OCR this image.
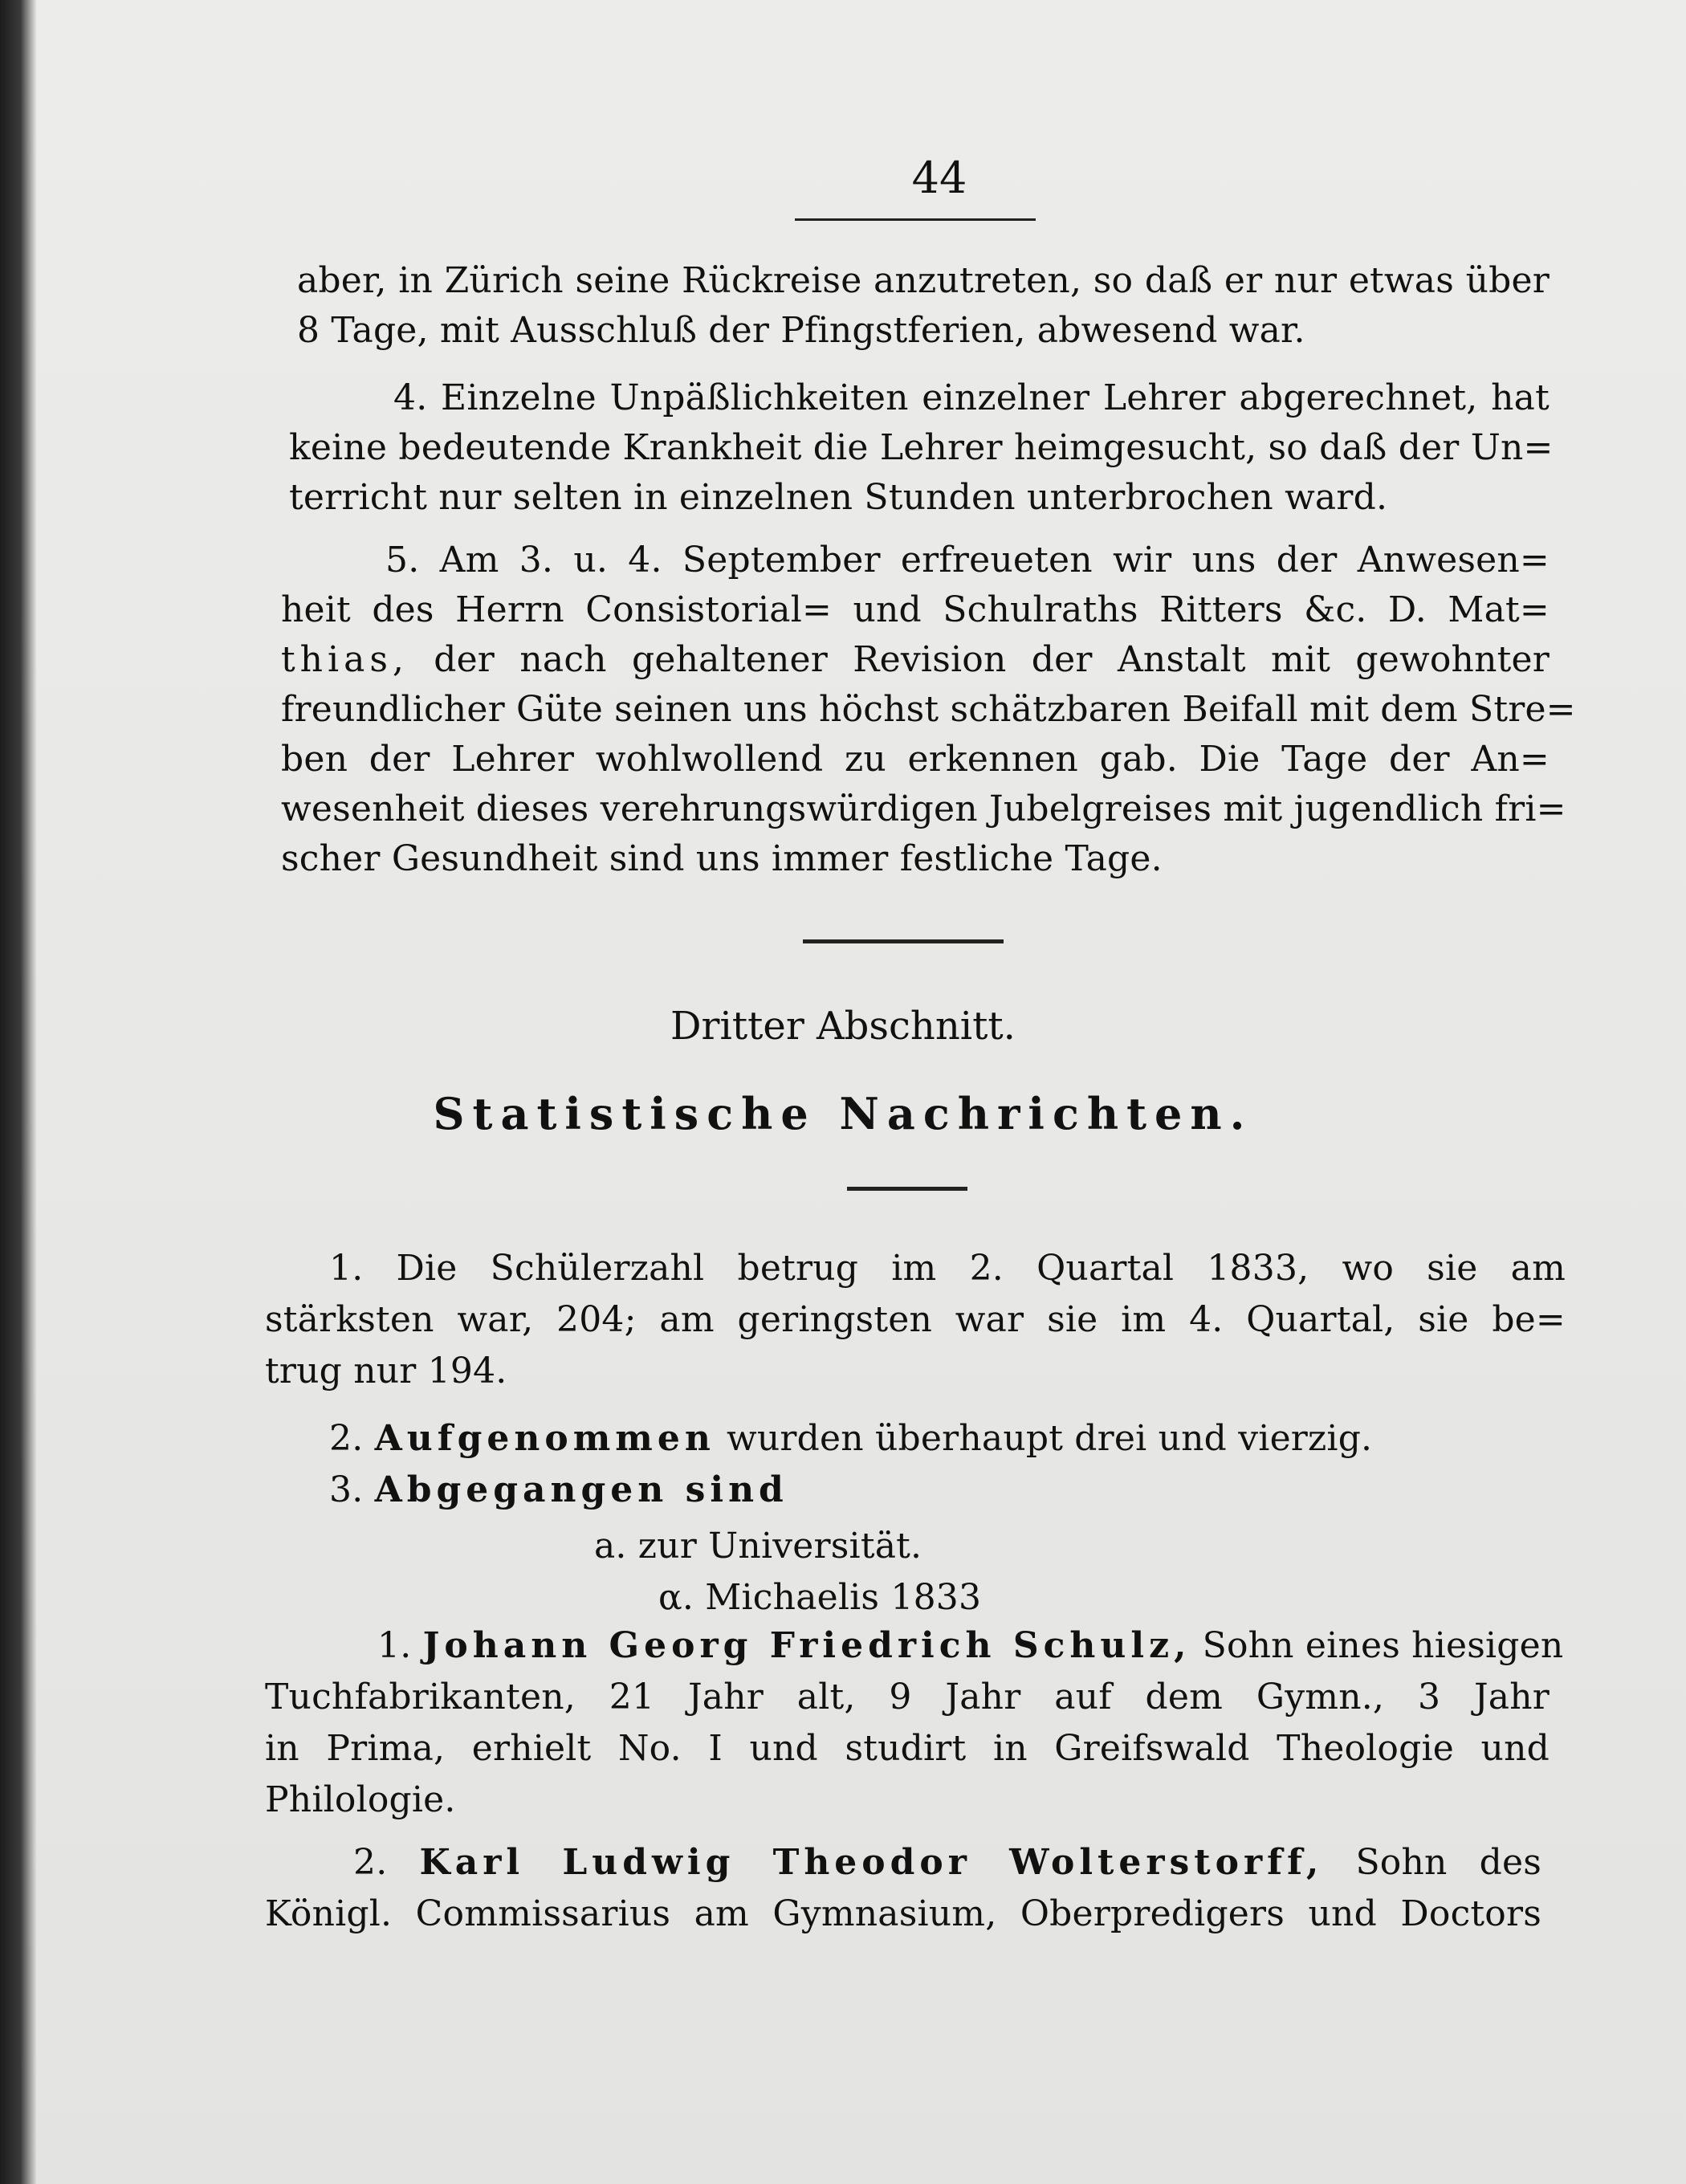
44
aber, in Zürich seine Rückreise anzutreten, so daß er nur etwas über
8 Tage, mit Ausschluß der Pfingstferien, abwesend war.
4. Einzelne Unpäßlichkeiten einzelner Lehrer abgerechnet, hat
keine bedeutende Krankheit die Lehrer heimgesucht, so daß der Un=
terricht nur selten in einzelnen Stunden unterbrochen ward.
5. Am 3. u. 4. September erfreueten wir uns der Anwesen=
heit des Herrn Consistorial= und Schulraths Ritters &c. D. Mat=
thias, der nach gehaltener Revision der Anstalt mit gewohnter
freundlicher Güte seinen uns höchst schätzbaren Beifall mit dem Stre=
ben der Lehrer wohlwollend zu erkennen gab. Die Tage der An=
wesenheit dieses verehrungswürdigen Jubelgreises mit jugendlich fri=
scher Gesundheit sind uns immer festliche Tage.
Dritter Abschnitt.
Statistische Nachrichten.
1. Die Schülerzahl betrug im 2. Quartal 1833, wo sie am
stärksten war, 204; am geringsten war sie im 4. Quartal, sie be=
trug nur 194.
2. Aufgenommen wurden überhaupt drei und vierzig.
3. Abgegangen sind
a. zur Universität.
α. Michaelis 1833
1. Johann Georg Friedrich Schulz, Sohn eines hiesigen
Tuchfabrikanten, 21 Jahr alt, 9 Jahr auf dem Gymn., 3 Jahr
in Prima, erhielt No. I und studirt in Greifswald Theologie und
Philologie.
2. Karl Ludwig Theodor Wolterstorff, Sohn des
Königl. Commissarius am Gymnasium, Oberpredigers und Doctors
